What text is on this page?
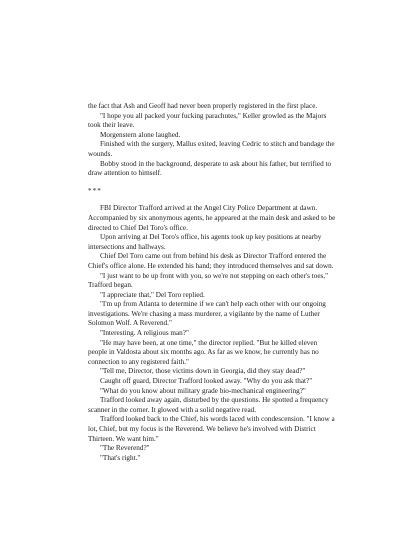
the fact that Ash and Geoff had never been properly registered in the first place.

"I hope you all packed your fucking parachutes," Keller growled as the Majors took their leave.

Morgenstern alone laughed.

Finished with the surgery, Mallus exited, leaving Cedric to stitch and bandage the wounds.

Bobby stood in the background, desperate to ask about his father, but terrified to draw attention to himself.

***

FBI Director Trafford arrived at the Angel City Police Department at dawn. Accompanied by six anonymous agents, he appeared at the main desk and asked to be directed to Chief Del Toro's office.

Upon arriving at Del Toro's office, his agents took up key positions at nearby intersections and hallways.

Chief Del Toro came out from behind his desk as Director Trafford entered the Chief's office alone. He extended his hand; they introduced themselves and sat down.

"I just want to be up front with you, so we're not stepping on each other's toes," Trafford began.

"I appreciate that," Del Toro replied.

"I'm up from Atlanta to determine if we can't help each other with our ongoing investigations. We're chasing a mass murderer, a vigilante by the name of Luther Solomon Wolf. A Reverend."

"Interesting. A religious man?"

"He may have been, at one time," the director replied. "But he killed eleven people in Valdosta about six months ago. As far as we know, he currently has no connection to any registered faith."

"Tell me, Director, those victims down in Georgia, did they stay dead?"

Caught off guard, Director Trafford looked away. "Why do you ask that?"

"What do you know about military grade bio-mechanical engineering?"

Trafford looked away again, disturbed by the questions. He spotted a frequency scanner in the corner. It glowed with a solid negative read.

Trafford looked back to the Chief, his words laced with condescension. "I know a lot, Chief, but my focus is the Reverend. We believe he's involved with District Thirteen. We want him."

"The Reverend?"

"That's right."
